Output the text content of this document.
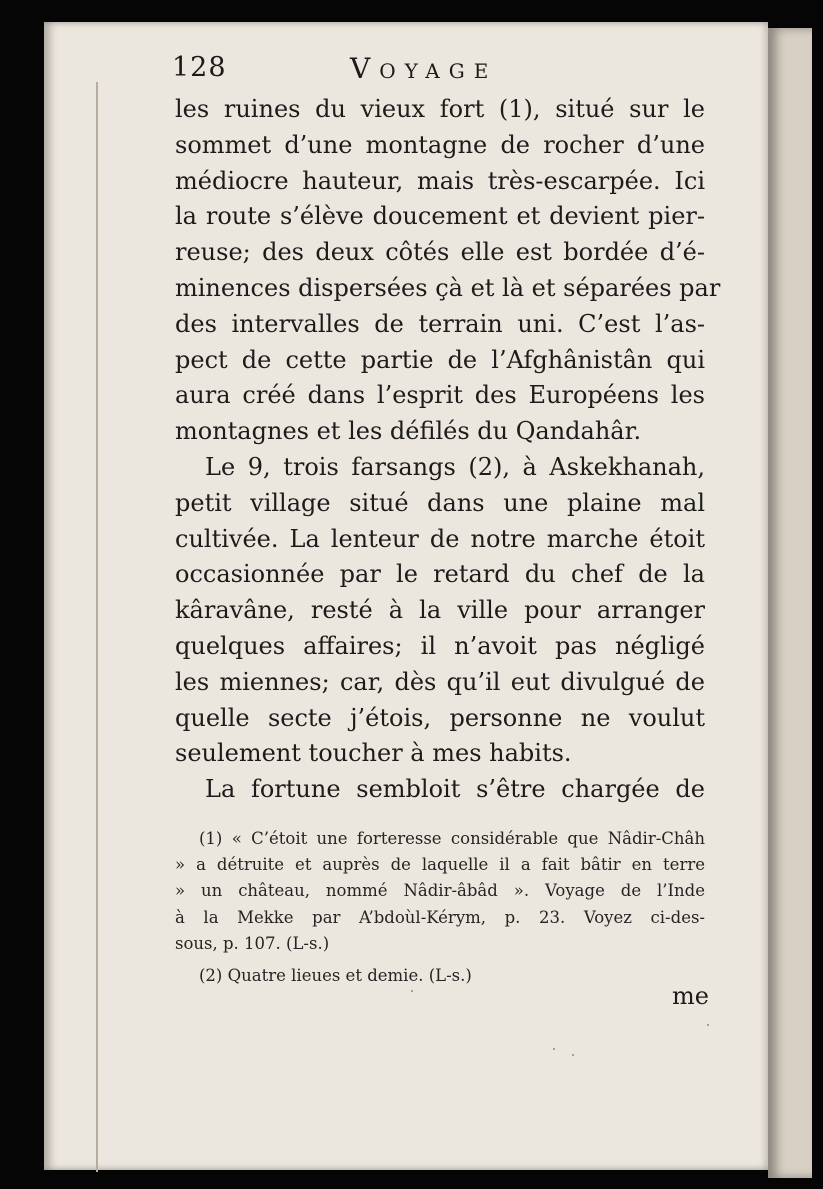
128	Voyage
les ruines du vieux fort (1), situé sur le
sommet d’une montagne de rocher d’une
médiocre hauteur, mais très-escarpée. Ici
la route s’élève doucement et devient pier-
reuse; des deux côtés elle est bordée d’é-
minences dispersées çà et là et séparées par
des intervalles de terrain uni. C’est l’as-
pect de cette partie de l’Afghânistân qui
aura créé dans l’esprit des Européens les
montagnes et les défilés du Qandahâr.
Le 9, trois farsangs (2), à Askekhanah,
petit village situé dans une plaine mal
cultivée. La lenteur de notre marche étoit
occasionnée par le retard du chef de la
kâravâne, resté à la ville pour arranger
quelques affaires; il n’avoit pas négligé
les miennes; car, dès qu’il eut divulgué de
quelle secte j’étois, personne ne voulut
seulement toucher à mes habits.
La fortune sembloit s’être chargée de
(1) « C’étoit une forteresse considérable que Nâdir-Châh
» a détruite et auprès de laquelle il a fait bâtir en terre
» un château, nommé Nâdir-âbâd ». Voyage de l’Inde
à la Mekke par A’bdoùl-Kérym, p. 23. Voyez ci-des-
sous, p. 107. (L-s.)
(2) Quatre lieues et demie. (L-s.)
me
